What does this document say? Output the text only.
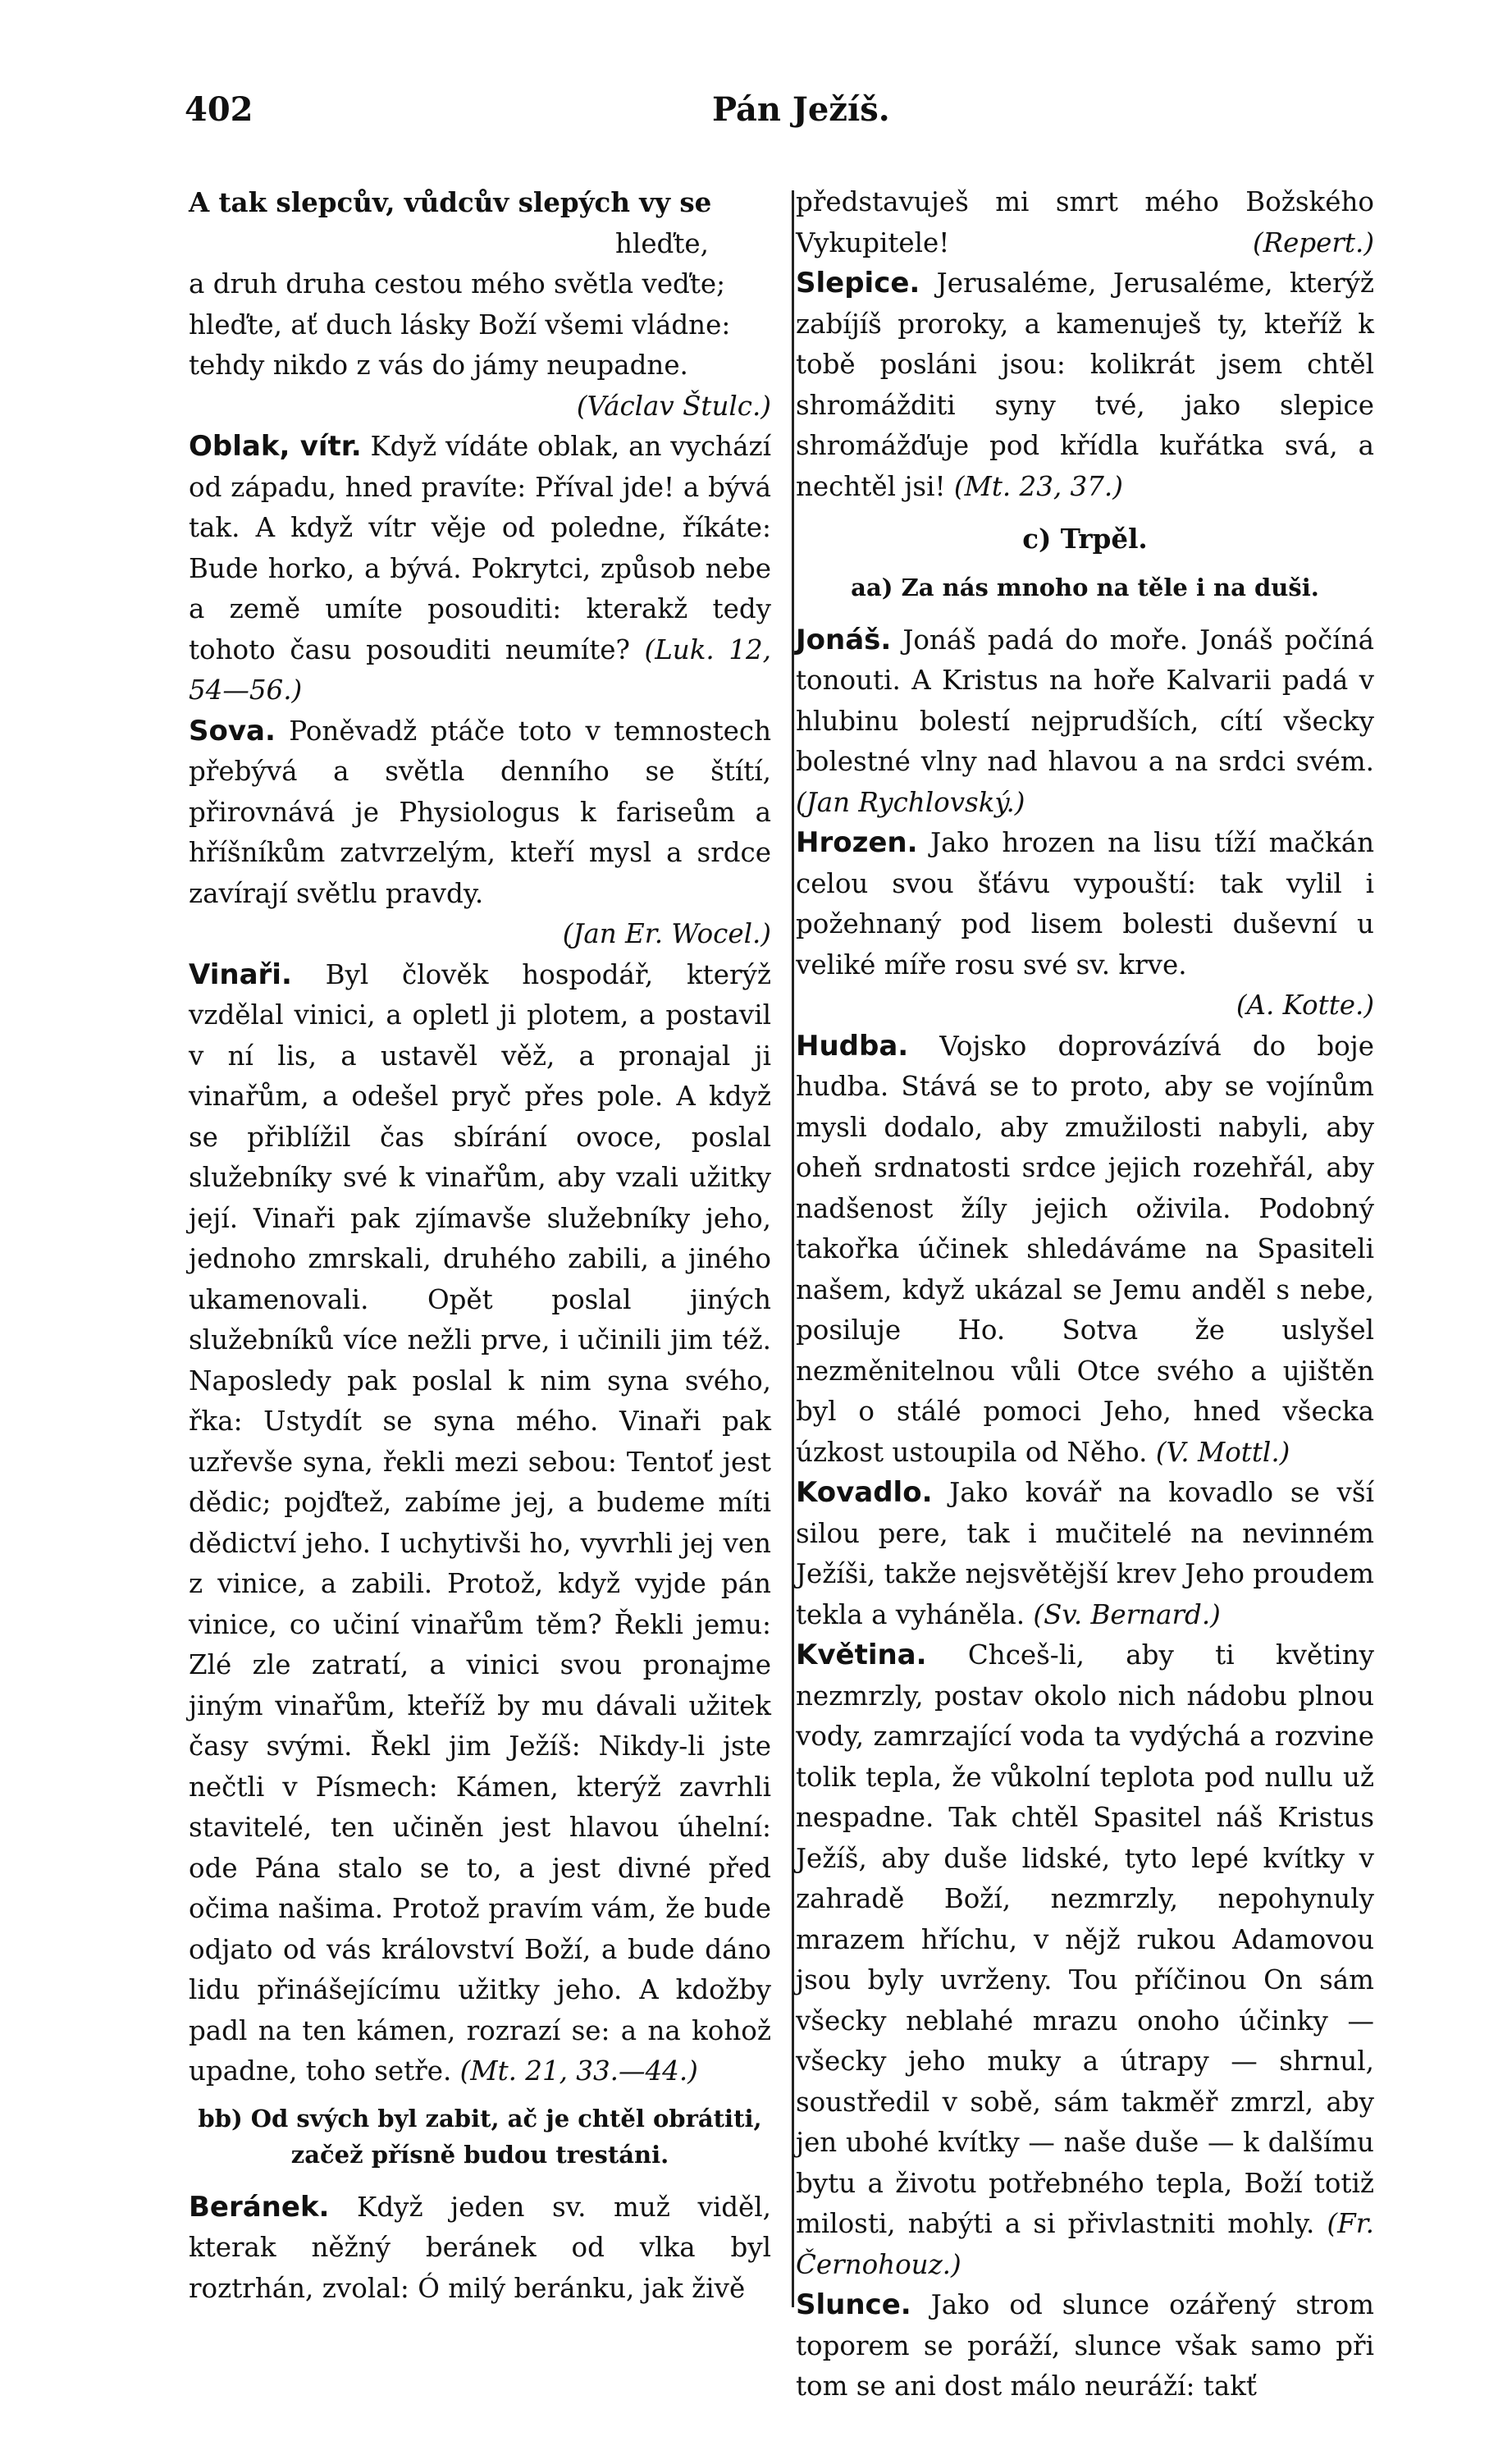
402	Pán Ježíš.
A tak slepcův, vůdcův slepých vy se
hleďte,
a druh druha cestou mého světla veďte;
hleďte, ať duch lásky Boží všemi vládne:
tehdy nikdo z vás do jámy neupadne.
(Václav Štulc.)

Oblak, vítr. Když vídáte oblak, an vychází od západu, hned pravíte: Příval jde! a bývá tak. A když vítr věje od poledne, říkáte: Bude horko, a bývá. Pokrytci, způsob nebe a země umíte posouditi: kterakž tedy tohoto času posouditi neumíte? (Luk. 12, 54—56.)

Sova. Poněvadž ptáče toto v temnostech přebývá a světla denního se štítí, přirovnává je Physiologus k fariseům a hříšníkům zatvrzelým, kteří mysl a srdce zavírají světlu pravdy.

(Jan Er. Wocel.)

Vinaři. Byl člověk hospodář, kterýž vzdělal vinici, a opletl ji plotem, a postavil v ní lis, a ustavěl věž, a pronajal ji vinařům, a odešel pryč přes pole. A když se přiblížil čas sbírání ovoce, poslal služebníky své k vinařům, aby vzali užitky její. Vinaři pak zjímavše služebníky jeho, jednoho zmrskali, druhého zabili, a jiného ukamenovali. Opět poslal jiných služebníků více nežli prve, i učinili jim též. Naposledy pak poslal k nim syna svého, řka: Ustydít se syna mého. Vinaři pak uzřevše syna, řekli mezi sebou: Tentoť jest dědic; pojďtež, zabíme jej, a budeme míti dědictví jeho. I uchytivši ho, vyvrhli jej ven z vinice, a zabili. Protož, když vyjde pán vinice, co učiní vinařům těm? Řekli jemu: Zlé zle zatratí, a vinici svou pronajme jiným vinařům, kteříž by mu dávali užitek časy svými. Řekl jim Ježíš: Nikdy-li jste nečtli v Písmech: Kámen, kterýž zavrhli stavitelé, ten učiněn jest hlavou úhelní: ode Pána stalo se to, a jest divné před očima našima. Protož pravím vám, že bude odjato od vás království Boží, a bude dáno lidu přinášejícímu užitky jeho. A kdožby padl na ten kámen, rozrazí se: a na kohož upadne, toho setře. (Mt. 21, 33.—44.)

bb) Od svých byl zabit, ač je chtěl obrátiti, začež přísně budou trestáni.

Beránek. Když jeden sv. muž viděl, kterak něžný beránek od vlka byl roztrhán, zvolal: Ó milý beránku, jak živě

představuješ mi smrt mého Božského Vykupitele!	(Repert.)

Slepice. Jerusaléme, Jerusaléme, kterýž zabíjíš proroky, a kamenuješ ty, kteříž k tobě posláni jsou: kolikrát jsem chtěl shromážditi syny tvé, jako slepice shromážďuje pod křídla kuřátka svá, a nechtěl jsi! (Mt. 23, 37.)

c) Trpěl.

aa) Za nás mnoho na těle i na duši.

Jonáš. Jonáš padá do moře. Jonáš počíná tonouti. A Kristus na hoře Kalvarii padá v hlubinu bolestí nejprudších, cítí všecky bolestné vlny nad hlavou a na srdci svém. (Jan Rychlovský.)

Hrozen. Jako hrozen na lisu tíží mačkán celou svou šťávu vypouští: tak vylil i požehnaný pod lisem bolesti duševní u veliké míře rosu své sv. krve.

(A. Kotte.)

Hudba. Vojsko doprovázívá do boje hudba. Stává se to proto, aby se vojínům mysli dodalo, aby zmužilosti nabyli, aby oheň srdnatosti srdce jejich rozehřál, aby nadšenost žíly jejich oživila. Podobný takořka účinek shledáváme na Spasiteli našem, když ukázal se Jemu anděl s nebe, posiluje Ho. Sotva že uslyšel nezměnitelnou vůli Otce svého a ujištěn byl o stálé pomoci Jeho, hned všecka úzkost ustoupila od Něho. (V. Mottl.)

Kovadlo. Jako kovář na kovadlo se vší silou pere, tak i mučitelé na nevinném Ježíši, takže nejsvětější krev Jeho proudem tekla a vyháněla. (Sv. Bernard.)

Květina. Chceš-li, aby ti květiny nezmrzly, postav okolo nich nádobu plnou vody, zamrzající voda ta vydýchá a rozvine tolik tepla, že vůkolní teplota pod nullu už nespadne. Tak chtěl Spasitel náš Kristus Ježíš, aby duše lidské, tyto lepé kvítky v zahradě Boží, nezmrzly, nepohynuly mrazem hříchu, v nějž rukou Adamovou jsou byly uvrženy. Tou příčinou On sám všecky neblahé mrazu onoho účinky — všecky jeho muky a útrapy — shrnul, soustředil v sobě, sám takměř zmrzl, aby jen ubohé kvítky — naše duše — k dalšímu bytu a životu potřebného tepla, Boží totiž milosti, nabýti a si přivlastniti mohly. (Fr. Černohouz.)

Slunce. Jako od slunce ozářený strom toporem se poráží, slunce však samo při tom se ani dost málo neuráží: takť
